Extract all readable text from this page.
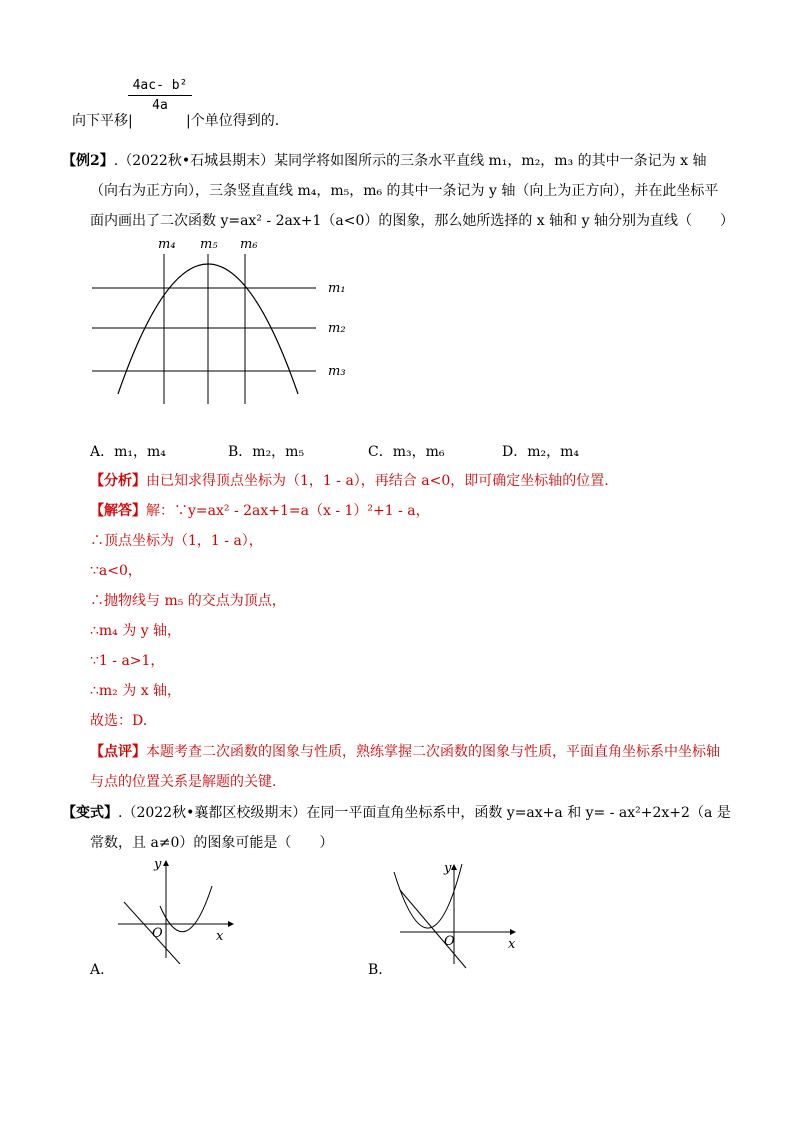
$\frac{\text{4ac- b²}}{4a}$
向下平移|	|个单位得到的.
【例2】.（2022秋•石城县期末）某同学将如图所示的三条水平直线 m₁，m₂，m₃ 的其中一条记为 x 轴
（向右为正方向），三条竖直直线 m₄，m₅，m₆ 的其中一条记为 y 轴（向上为正方向），并在此坐标平
面内画出了二次函数 y=ax² - 2ax+1（a<0）的图象，那么她所选择的 x 轴和 y 轴分别为直线（　　）
m₄ m₅ m₆
m₁
m₂
m₃
A．m₁，m₄	B．m₂，m₅	C．m₃，m₆	D．m₂，m₄
【分析】由已知求得顶点坐标为（1，1 - a），再结合 a<0，即可确定坐标轴的位置.
【解答】解：∵y=ax² - 2ax+1=a（x - 1）²+1 - a，
∴顶点坐标为（1，1 - a），
∵a<0，
∴抛物线与 m₅ 的交点为顶点，
∴m₄ 为 y 轴，
∵1 - a>1，
∴m₂ 为 x 轴，
故选：D.
【点评】本题考查二次函数的图象与性质，熟练掌握二次函数的图象与性质，平面直角坐标系中坐标轴
与点的位置关系是解题的关键.
【变式】.（2022秋•襄都区校级期末）在同一平面直角坐标系中，函数 y=ax+a 和 y= - ax²+2x+2（a 是
常数，且 a≠0）的图象可能是（　　）
y
x
O
A.
y
x
O
B.
